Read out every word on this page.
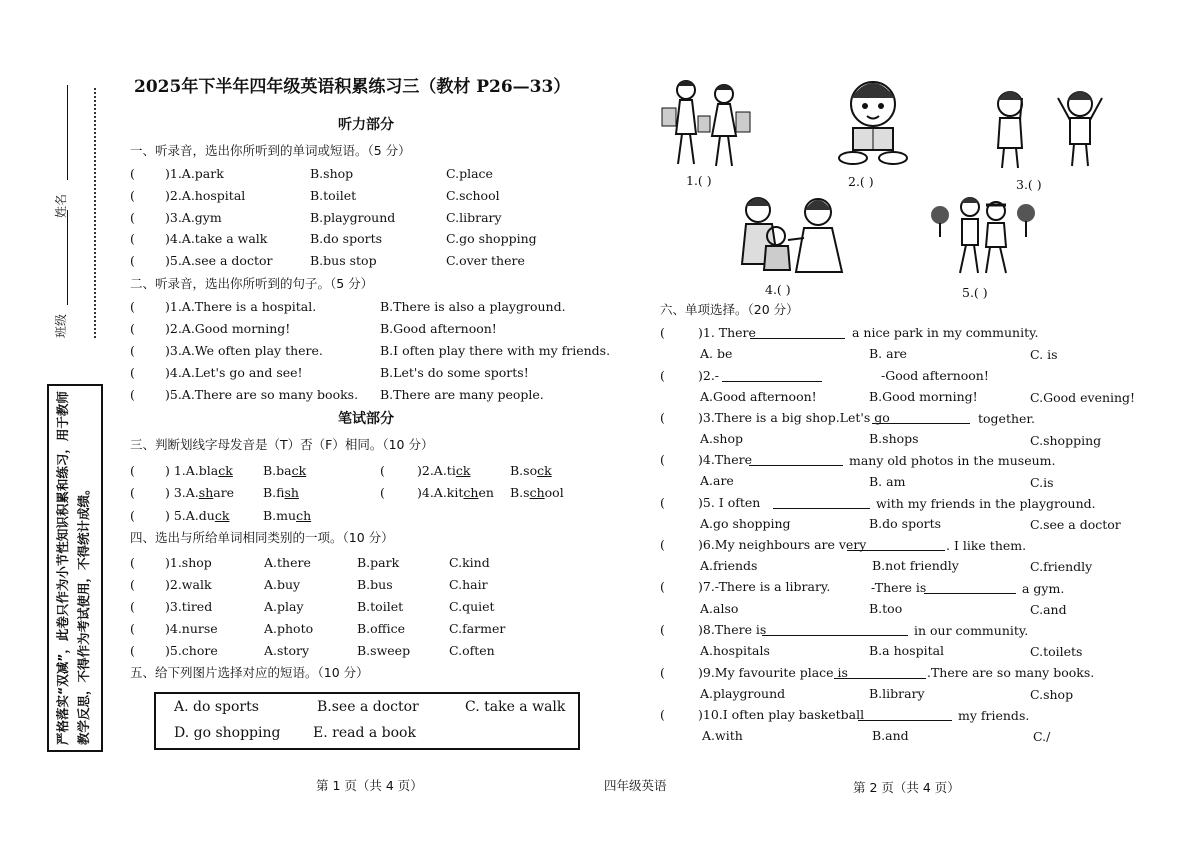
姓名
班级
严格落实“双减”，此卷只作为小节性知识积累和练习，用于教师教学反思，不得作为考试使用，不得统计成绩。
2025年下半年四年级英语积累练习三（教材 P26—33）
听力部分
一、听录音，选出你所听到的单词或短语。（5 分）
( )1.A.park	B.shop	C.place
( )2.A.hospital	B.toilet	C.school
( )3.A.gym	B.playground	C.library
( )4.A.take a walk	B.do sports	C.go shopping
( )5.A.see a doctor	B.bus stop	C.over there
二、听录音，选出你所听到的句子。（5 分）
( )1.A.There is a hospital.	B.There is also a playground.
( )2.A.Good morning!	B.Good afternoon!
( )3.A.We often play there.	B.I often play there with my friends.
( )4.A.Let's go and see!	B.Let's do some sports!
( )5.A.There are so many books. B.There are many people.
笔试部分
三、判断划线字母发音是（T）否（F）相同。（10 分）
( ) 1.A.black B.back	(	)2.A.tick	B.sock
( ) 3.A.share B.fish	(	)4.A.kitchen B.school
( ) 5.A.duck	B.much
四、选出与所给单词相同类别的一项。（10 分）
( )1.shop	A.there	B.park	C.kind
( )2.walk	A.buy	B.bus	C.hair
( )3.tired	A.play	B.toilet	C.quiet
( )4.nurse	A.photo	B.office	C.farmer
( )5.chore	A.story	B.sweep	C.often
五、给下列图片选择对应的短语。（10 分）
A. do sports	B.see a doctor	C. take a walk
D. go shopping E. read a book
第 1 页（共 4 页）	四年级英语	第 2 页（共 4 页）
1.( )	2.( )	3.( )
4.( )	5.( )
六、单项选择。（20 分）
(	)1. There	a nice park in my community.
A. be	B. are	C. is
(	)2.-	-Good afternoon!
A.Good afternoon!	B.Good morning!	C.Good evening!
(	)3.There is a big shop.Let's go	together.
A.shop	B.shops	C.shopping
(	)4.There	many old photos in the museum.
A.are	B. am	C.is
(	)5. I often	with my friends in the playground.
A.go shopping	B.do sports	C.see a doctor
(	)6.My neighbours are very	. I like them.
A.friends	B.not friendly	C.friendly
(	)7.-There is a library.	-There is	a gym.
A.also	B.too	C.and
(	)8.There is	in our community.
A.hospitals	B.a hospital	C.toilets
(	)9.My favourite place is	.There are so many books.
A.playground	B.library	C.shop
(	)10.I often play basketball	my friends.
A.with	B.and	C./
